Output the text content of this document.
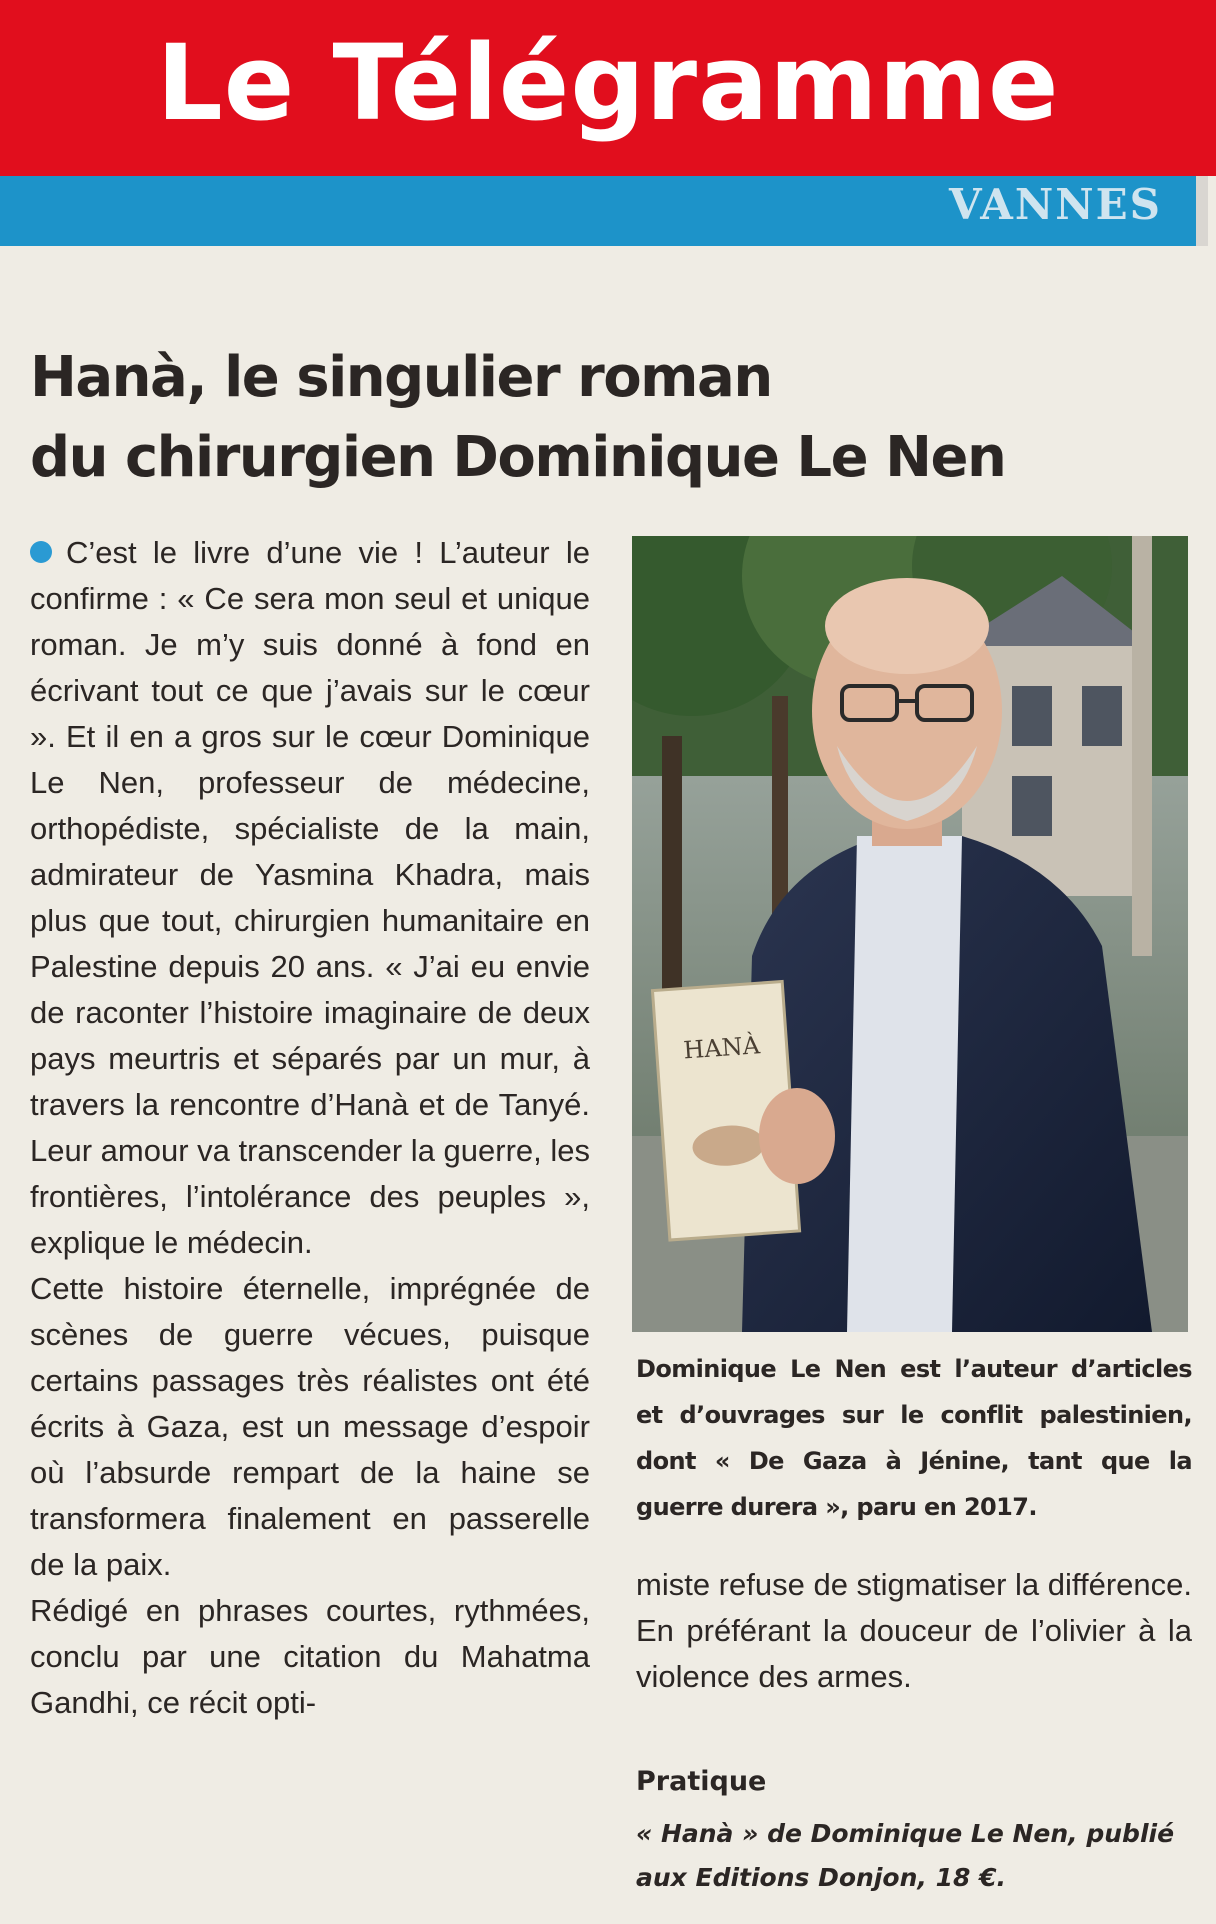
Le Télégramme
VANNES
Hanà, le singulier roman
du chirurgien Dominique Le Nen

C’est le livre d’une vie ! L’auteur le confirme : « Ce sera mon seul et unique roman. Je m’y suis donné à fond en écrivant tout ce que j’avais sur le cœur ». Et il en a gros sur le cœur Dominique Le Nen, professeur de médecine, orthopédiste, spécialiste de la main, admirateur de Yasmina Khadra, mais plus que tout, chirurgien humanitaire en Palestine depuis 20 ans. « J’ai eu envie de raconter l’histoire imaginaire de deux pays meurtris et séparés par un mur, à travers la rencontre d’Hanà et de Tanyé. Leur amour va transcender la guerre, les frontières, l’intolérance des peuples », explique le médecin.

Cette histoire éternelle, imprégnée de scènes de guerre vécues, puisque certains passages très réalistes ont été écrits à Gaza, est un message d’espoir où l’absurde rempart de la haine se transformera finalement en passerelle de la paix.

Rédigé en phrases courtes, rythmées, conclu par une citation du Mahatma Gandhi, ce récit opti-

HANÀ

Dominique Le Nen est l’auteur d’articles et d’ouvrages sur le conflit palestinien, dont « De Gaza à Jénine, tant que la guerre durera », paru en 2017.

miste refuse de stigmatiser la différence. En préférant la douceur de l’olivier à la violence des armes.

Pratique

« Hanà » de Dominique Le Nen, publié aux Editions Donjon, 18 €.
